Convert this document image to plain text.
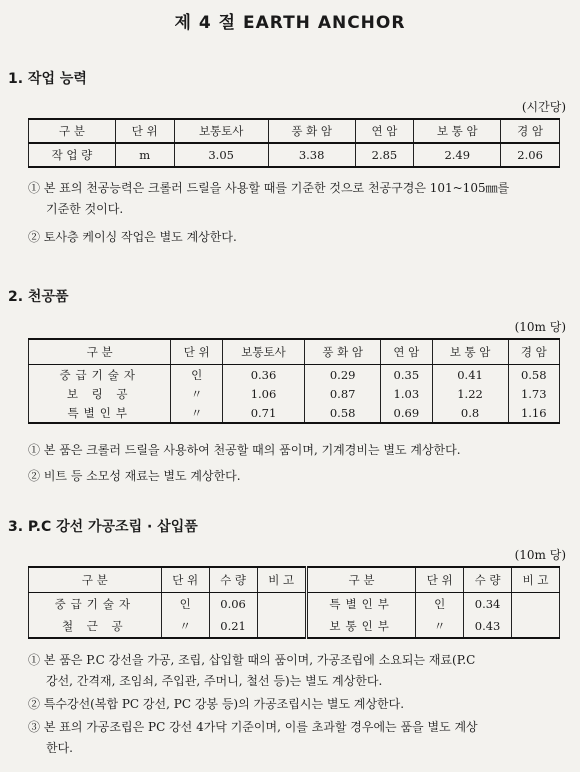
제 4 절 EARTH ANCHOR
1. 작업 능력
(시간당)
구 분	단 위	보통토사	풍 화 암	연 암	보 통 암	경 암
작 업 량	m	3.05	3.38	2.85	2.49	2.06
① 본 표의 천공능력은 크롤러 드릴을 사용할 때를 기준한 것으로 천공구경은 101~105㎜를
기준한 것이다.
② 토사층 케이싱 작업은 별도 계상한다.
2. 천공품
(10m 당)
구 분	단 위	보통토사	풍 화 암	연 암	보 통 암	경 암
중급기술자	인	0.36	0.29	0.35	0.41	0.58
보 링 공	〃	1.06	0.87	1.03	1.22	1.73
특별인부	〃	0.71	0.58	0.69	0.8	1.16
① 본 품은 크롤러 드릴을 사용하여 천공할 때의 품이며, 기계경비는 별도 계상한다.
② 비트 등 소모성 재료는 별도 계상한다.
3. P.C 강선 가공조립 · 삽입품
(10m 당)
구 분	단 위	수 량	비 고	구 분	단 위	수 량	비 고
중급기술자	인	0.06		특별인부	인	0.34	
철 근 공	〃	0.21		보통인부	〃	0.43	
① 본 품은 P.C 강선을 가공, 조립, 삽입할 때의 품이며, 가공조립에 소요되는 재료(P.C
강선, 간격재, 조임쇠, 주입관, 주머니, 철선 등)는 별도 계상한다.
② 특수강선(복합 PC 강선, PC 강봉 등)의 가공조립시는 별도 계상한다.
③ 본 표의 가공조립은 PC 강선 4가닥 기준이며, 이를 초과할 경우에는 품을 별도 계상
한다.
